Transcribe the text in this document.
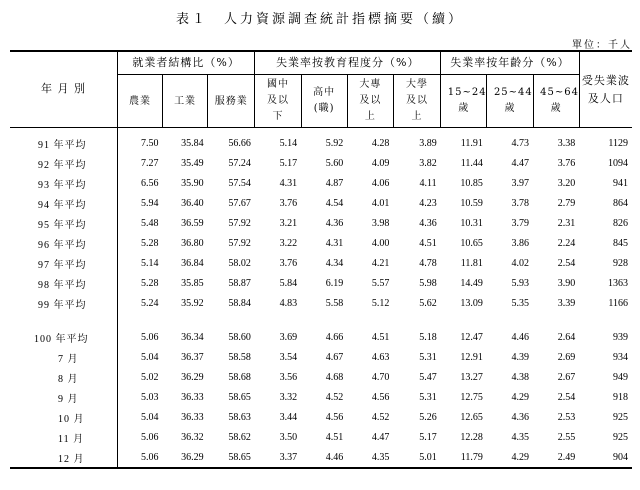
表１　人力資源調查統計指標摘要（續）
單位：千人
年 月 別	就業者結構比（%）			失業率按教育程度分（%）				失業率按年齡分（%）			受失業波及人口
	農業	工業	服務業	國中及以下	高中(職)	大專及以上	大學及以上	15~24歲	25~44歲	45~64歲	
91 年平均	7.50	35.84	56.66	5.14	5.92	4.28	3.89	11.91	4.73	3.38	1129
92 年平均	7.27	35.49	57.24	5.17	5.60	4.09	3.82	11.44	4.47	3.76	1094
93 年平均	6.56	35.90	57.54	4.31	4.87	4.06	4.11	10.85	3.97	3.20	941
94 年平均	5.94	36.40	57.67	3.76	4.54	4.01	4.23	10.59	3.78	2.79	864
95 年平均	5.48	36.59	57.92	3.21	4.36	3.98	4.36	10.31	3.79	2.31	826
96 年平均	5.28	36.80	57.92	3.22	4.31	4.00	4.51	10.65	3.86	2.24	845
97 年平均	5.14	36.84	58.02	3.76	4.34	4.21	4.78	11.81	4.02	2.54	928
98 年平均	5.28	35.85	58.87	5.84	6.19	5.57	5.98	14.49	5.93	3.90	1363
99 年平均	5.24	35.92	58.84	4.83	5.58	5.12	5.62	13.09	5.35	3.39	1166

100 年平均	5.06	36.34	58.60	3.69	4.66	4.51	5.18	12.47	4.46	2.64	939
7 月	5.04	36.37	58.58	3.54	4.67	4.63	5.31	12.91	4.39	2.69	934
8 月	5.02	36.29	58.68	3.56	4.68	4.70	5.47	13.27	4.38	2.67	949
9 月	5.03	36.33	58.65	3.32	4.52	4.56	5.31	12.75	4.29	2.54	918
10 月	5.04	36.33	58.63	3.44	4.56	4.52	5.26	12.65	4.36	2.53	925
11 月	5.06	36.32	58.62	3.50	4.51	4.47	5.17	12.28	4.35	2.55	925
12 月	5.06	36.29	58.65	3.37	4.46	4.35	5.01	11.79	4.29	2.49	904
